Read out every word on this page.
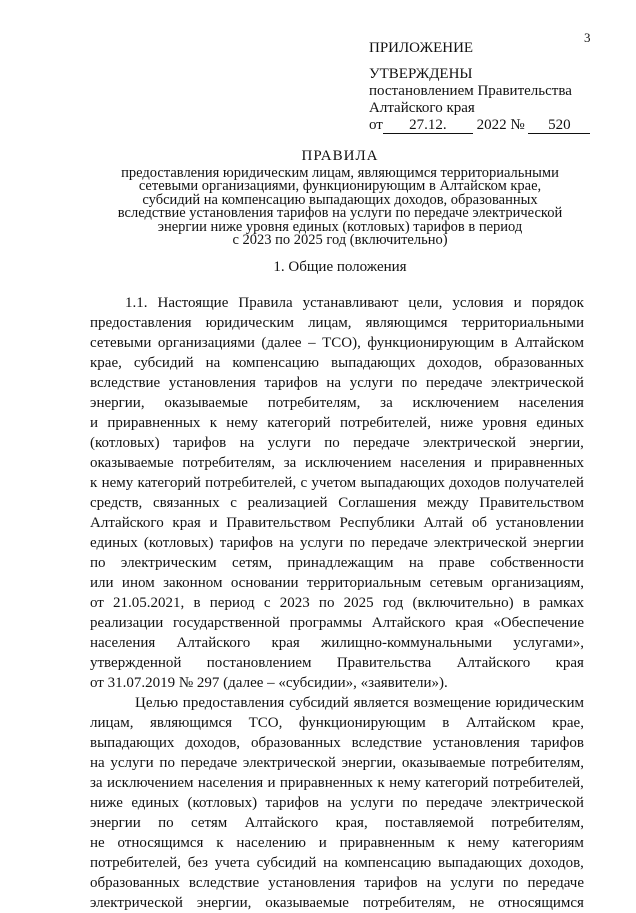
3
ПРИЛОЖЕНИЕ
УТВЕРЖДЕНЫ
постановлением Правительства
Алтайского края
от 27.12. 2022 № 520
ПРАВИЛА
предоставления юридическим лицам, являющимся территориальными
сетевыми организациями, функционирующим в Алтайском крае,
субсидий на компенсацию выпадающих доходов, образованных
вследствие установления тарифов на услуги по передаче электрической
энергии ниже уровня единых (котловых) тарифов в период
с 2023 по 2025 год (включительно)
1. Общие положения
1.1. Настоящие Правила устанавливают цели, условия и порядок
предоставления юридическим лицам, являющимся территориальными
сетевыми организациями (далее – ТСО), функционирующим в Алтайском
крае, субсидий на компенсацию выпадающих доходов, образованных
вследствие установления тарифов на услуги по передаче электрической
энергии, оказываемые потребителям, за исключением населения
и приравненных к нему категорий потребителей, ниже уровня единых
(котловых) тарифов на услуги по передаче электрической энергии,
оказываемые потребителям, за исключением населения и приравненных
к нему категорий потребителей, с учетом выпадающих доходов получателей
средств, связанных с реализацией Соглашения между Правительством
Алтайского края и Правительством Республики Алтай об установлении
единых (котловых) тарифов на услуги по передаче электрической энергии
по электрическим сетям, принадлежащим на праве собственности
или ином законном основании территориальным сетевым организациям,
от 21.05.2021, в период с 2023 по 2025 год (включительно) в рамках
реализации государственной программы Алтайского края «Обеспечение
населения Алтайского края жилищно-коммунальными услугами»,
утвержденной постановлением Правительства Алтайского края
от 31.07.2019 № 297 (далее – «субсидии», «заявители»).
Целью предоставления субсидий является возмещение юридическим
лицам, являющимся ТСО, функционирующим в Алтайском крае,
выпадающих доходов, образованных вследствие установления тарифов
на услуги по передаче электрической энергии, оказываемые потребителям,
за исключением населения и приравненных к нему категорий потребителей,
ниже единых (котловых) тарифов на услуги по передаче электрической
энергии по сетям Алтайского края, поставляемой потребителям,
не относящимся к населению и приравненным к нему категориям
потребителей, без учета субсидий на компенсацию выпадающих доходов,
образованных вследствие установления тарифов на услуги по передаче
электрической энергии, оказываемые потребителям, не относящимся
